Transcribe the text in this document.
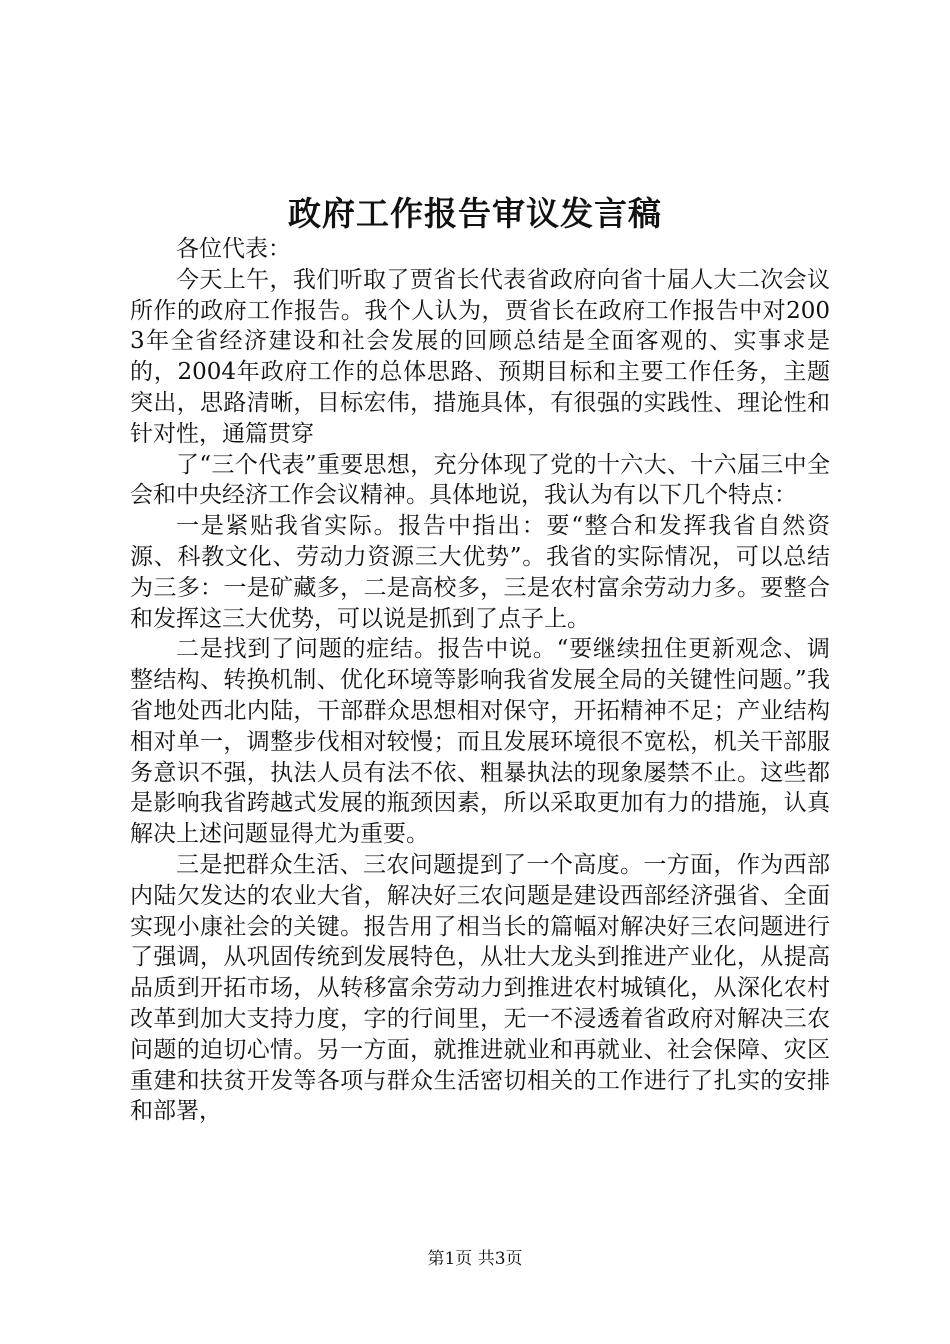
政府工作报告审议发言稿

各位代表：

今天上午，我们听取了贾省长代表省政府向省十届人大二次会议所作的政府工作报告。我个人认为，贾省长在政府工作报告中对2003年全省经济建设和社会发展的回顾总结是全面客观的、实事求是的，2004年政府工作的总体思路、预期目标和主要工作任务，主题突出，思路清晰，目标宏伟，措施具体，有很强的实践性、理论性和针对性，通篇贯穿

了“三个代表”重要思想，充分体现了党的十六大、十六届三中全会和中央经济工作会议精神。具体地说，我认为有以下几个特点：

一是紧贴我省实际。报告中指出：要“整合和发挥我省自然资源、科教文化、劳动力资源三大优势”。我省的实际情况，可以总结为三多：一是矿藏多，二是高校多，三是农村富余劳动力多。要整合和发挥这三大优势，可以说是抓到了点子上。

二是找到了问题的症结。报告中说。“要继续扭住更新观念、调整结构、转换机制、优化环境等影响我省发展全局的关键性问题。”我省地处西北内陆，干部群众思想相对保守，开拓精神不足；产业结构相对单一，调整步伐相对较慢；而且发展环境很不宽松，机关干部服务意识不强，执法人员有法不依、粗暴执法的现象屡禁不止。这些都是影响我省跨越式发展的瓶颈因素，所以采取更加有力的措施，认真解决上述问题显得尤为重要。

三是把群众生活、三农问题提到了一个高度。一方面，作为西部内陆欠发达的农业大省，解决好三农问题是建设西部经济强省、全面实现小康社会的关键。报告用了相当长的篇幅对解决好三农问题进行了强调，从巩固传统到发展特色，从壮大龙头到推进产业化，从提高品质到开拓市场，从转移富余劳动力到推进农村城镇化，从深化农村改革到加大支持力度，字的行间里，无一不浸透着省政府对解决三农问题的迫切心情。另一方面，就推进就业和再就业、社会保障、灾区重建和扶贫开发等各项与群众生活密切相关的工作进行了扎实的安排和部署，

第1页 共3页
